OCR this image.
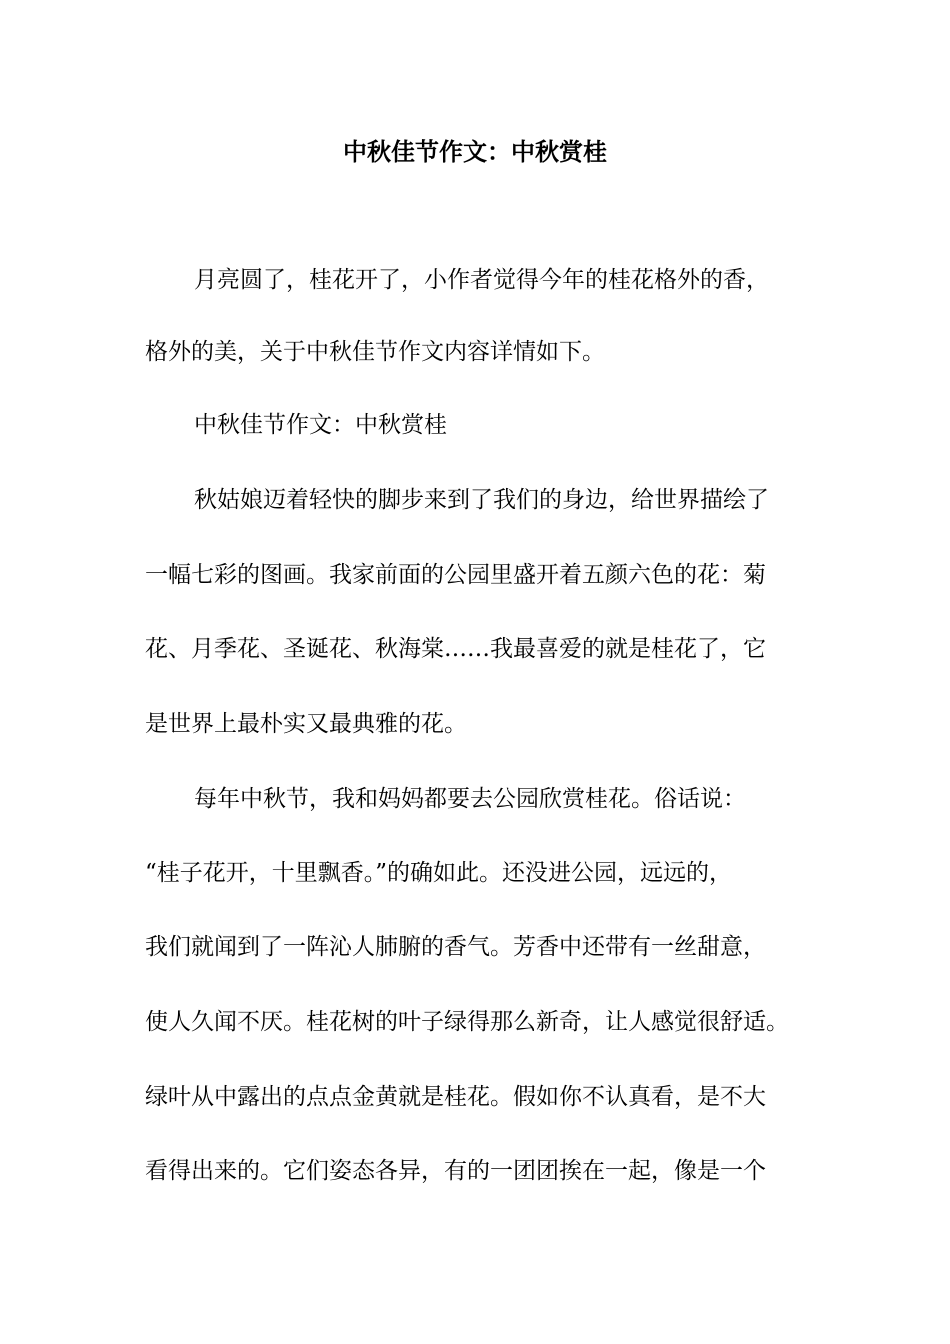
中秋佳节作文：中秋赏桂

月亮圆了，桂花开了，小作者觉得今年的桂花格外的香，

格外的美，关于中秋佳节作文内容详情如下。

中秋佳节作文：中秋赏桂

秋姑娘迈着轻快的脚步来到了我们的身边，给世界描绘了

一幅七彩的图画。我家前面的公园里盛开着五颜六色的花：菊

花、月季花、圣诞花、秋海棠……我最喜爱的就是桂花了，它

是世界上最朴实又最典雅的花。

每年中秋节，我和妈妈都要去公园欣赏桂花。俗话说：

“桂子花开，十里飘香。”的确如此。还没进公园，远远的，

我们就闻到了一阵沁人肺腑的香气。芳香中还带有一丝甜意，

使人久闻不厌。桂花树的叶子绿得那么新奇，让人感觉很舒适。

绿叶从中露出的点点金黄就是桂花。假如你不认真看，是不大

看得出来的。它们姿态各异，有的一团团挨在一起，像是一个
